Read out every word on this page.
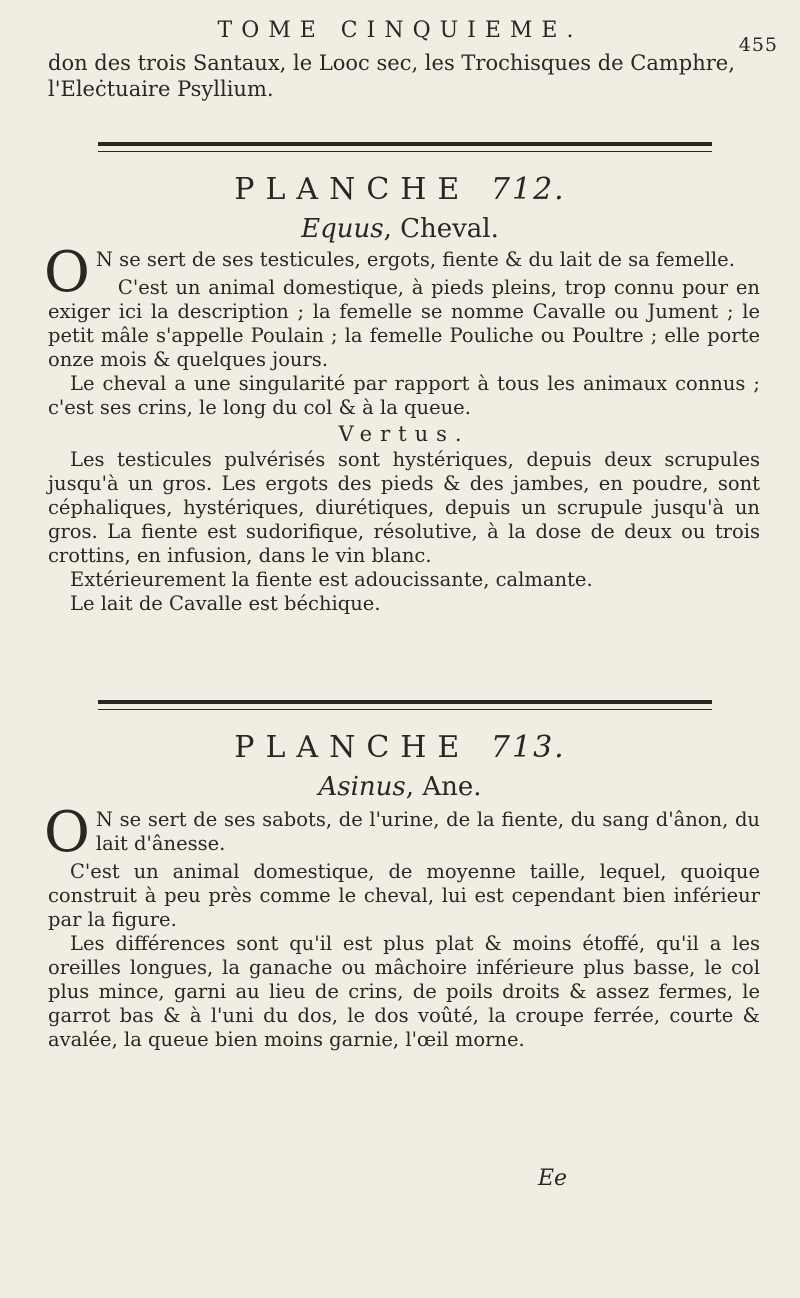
TOME CINQUIEME.
455
don des trois Santaux, le Looc sec, les Trochisques de Camphre, l'Eleċtuaire Psyllium.
PLANCHE 712.
Equus, Cheval.

O N se sert de ses testicules, ergots, fiente & du lait de sa femelle.

C'est un animal domestique, à pieds pleins, trop connu pour en exiger ici la description ; la femelle se nomme Cavalle ou Jument ; le petit mâle s'appelle Poulain ; la femelle Pouliche ou Poultre ; elle porte onze mois & quelques jours.

Le cheval a une singularité par rapport à tous les animaux connus ; c'est ses crins, le long du col & à la queue.

Vertus.

Les testicules pulvérisés sont hystériques, depuis deux scrupules jusqu'à un gros. Les ergots des pieds & des jambes, en poudre, sont céphaliques, hystériques, diurétiques, depuis un scrupule jusqu'à un gros. La fiente est sudorifique, résolutive, à la dose de deux ou trois crottins, en infusion, dans le vin blanc.

Extérieurement la fiente est adoucissante, calmante.

Le lait de Cavalle est béchique.

PLANCHE 713.
Asinus, Ane.

O N se sert de ses sabots, de l'urine, de la fiente, du sang d'ânon, du lait d'ânesse.

C'est un animal domestique, de moyenne taille, lequel, quoique construit à peu près comme le cheval, lui est cependant bien inférieur par la figure.

Les différences sont qu'il est plus plat & moins étoffé, qu'il a les oreilles longues, la ganache ou mâchoire inférieure plus basse, le col plus mince, garni au lieu de crins, de poils droits & assez fermes, le garrot bas & à l'uni du dos, le dos voûté, la croupe ferrée, courte & avalée, la queue bien moins garnie, l'œil morne.

Ee
